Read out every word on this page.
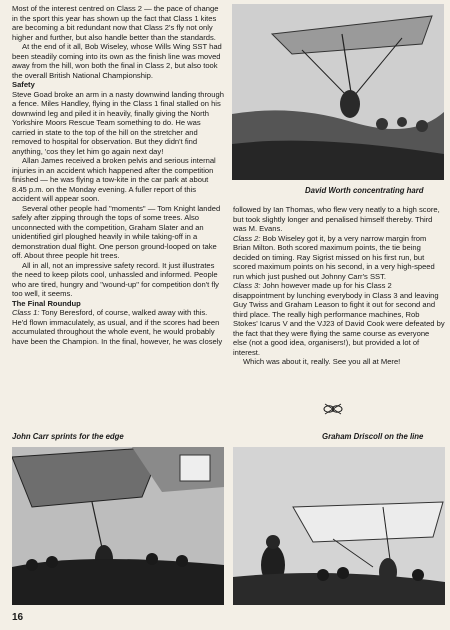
Most of the interest centred on Class 2 — the pace of change in the sport this year has shown up the fact that Class 1 kites are becoming a bit redundant now that Class 2's fly not only higher and further, but also handle better than the standards.

At the end of it all, Bob Wiseley, whose Wills Wing SST had been steadily coming into its own as the finish line was moved away from the hill, won both the final in Class 2, but also took the overall British National Championship.

Safety

Steve Goad broke an arm in a nasty downwind landing through a fence. Miles Handley, flying in the Class 1 final stalled on his downwind leg and piled it in heavily, finally giving the North Yorkshire Moors Rescue Team something to do. He was carried in state to the top of the hill on the stretcher and removed to hospital for observation. But they didn't find anything, 'cos they let him go again next day!

Allan James received a broken pelvis and serious internal injuries in an accident which happened after the competition finished — he was flying a tow-kite in the car park at about 8.45 p.m. on the Monday evening. A fuller report of this accident will appear soon.

Several other people had "moments" — Tom Knight landed safely after zipping through the tops of some trees. Also unconnected with the competition, Graham Slater and an unidentified girl ploughed heavily in while taking-off in a demonstration dual flight. One person ground-looped on take off. About three people hit trees.

All in all, not an impressive safety record. It just illustrates the need to keep pilots cool, unhassled and informed. People who are tired, hungry and "wound-up" for competition don't fly too well, it seems.

The Final Roundup

Class 1: Tony Beresford, of course, walked away with this. He'd flown immaculately, as usual, and if the scores had been accumulated throughout the whole event, he would probably have been the Champion. In the final, however, he was closely

David Worth concentrating hard

followed by Ian Thomas, who flew very neatly to a high score, but took slightly longer and penalised himself thereby. Third was M. Evans.

Class 2: Bob Wiseley got it, by a very narrow margin from Brian Milton. Both scored maximum points, the tie being decided on timing. Ray Sigrist missed on his first run, but scored maximum points on his second, in a very high-speed run which just pushed out Johnny Carr's SST.

Class 3: John however made up for his Class 2 disappointment by lunching everybody in Class 3 and leaving Guy Twiss and Graham Leason to fight it out for second and third place. The really high performance machines, Rob Stokes' Icarus V and the VJ23 of David Cook were defeated by the fact that they were flying the same course as everyone else (not a good idea, organisers!), but provided a lot of interest.

Which was about it, really. See you all at Mere!

John Carr sprints for the edge	Graham Driscoll on the line
16
